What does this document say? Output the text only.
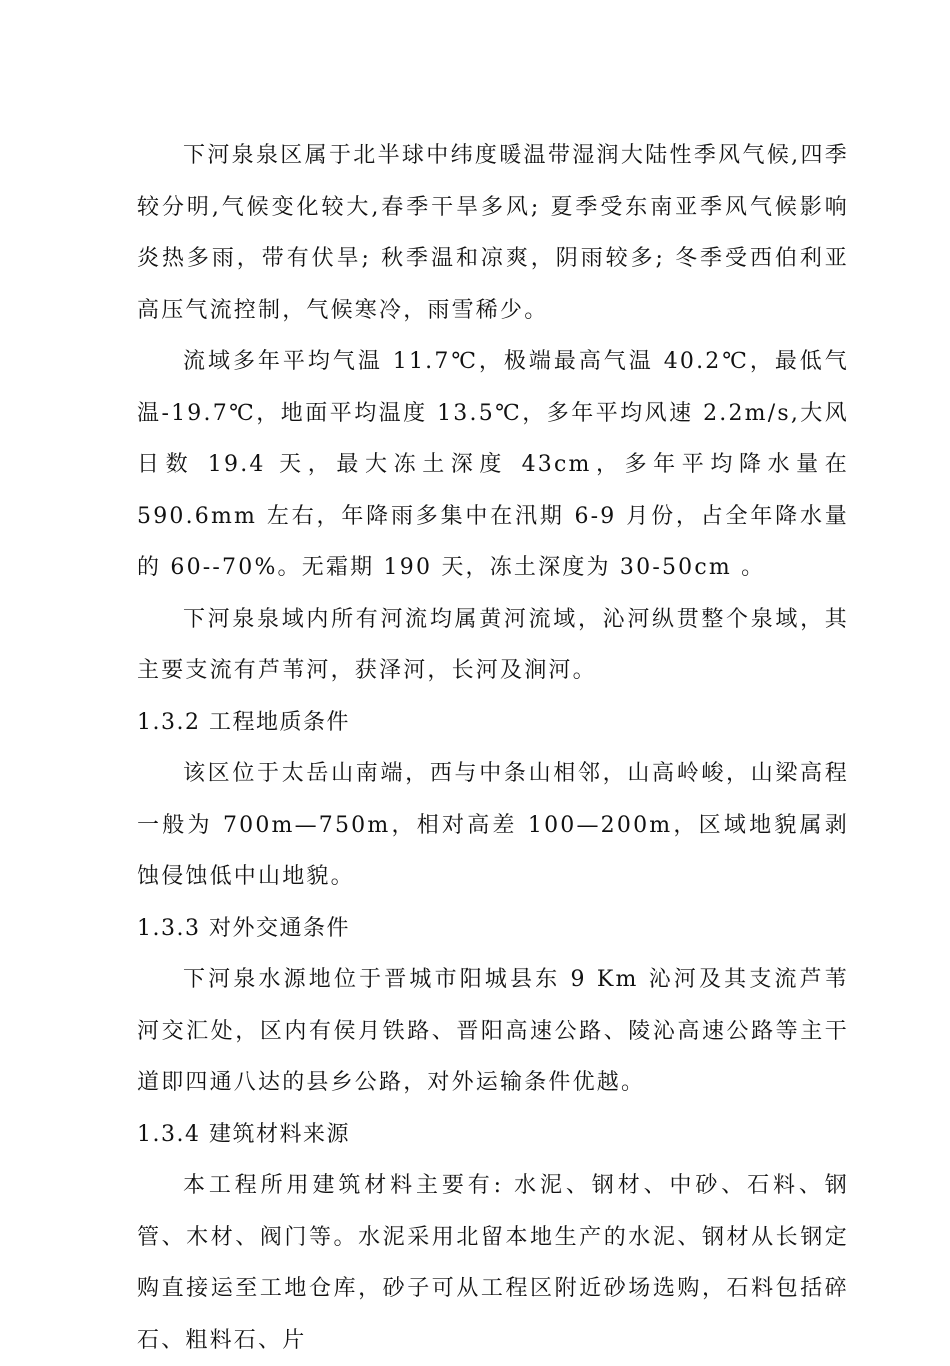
下河泉泉区属于北半球中纬度暖温带湿润大陆性季风气候,四季较分明,气候变化较大,春季干旱多风; 夏季受东南亚季风气候影响炎热多雨，带有伏旱; 秋季温和凉爽，阴雨较多; 冬季受西伯利亚高压气流控制，气候寒冷，雨雪稀少。

流域多年平均气温 11.7℃，极端最高气温 40.2℃，最低气温-19.7℃，地面平均温度 13.5℃，多年平均风速 2.2m/s,大风日数 19.4 天，最大冻土深度 43cm，多年平均降水量在 590.6mm 左右，年降雨多集中在汛期 6-9 月份，占全年降水量的 60--70%。无霜期 190 天，冻土深度为 30-50cm 。

下河泉泉域内所有河流均属黄河流域，沁河纵贯整个泉域，其主要支流有芦苇河，获泽河，长河及涧河。

1.3.2 工程地质条件

该区位于太岳山南端，西与中条山相邻，山高岭峻，山梁高程一般为 700m—750m，相对高差 100—200m，区域地貌属剥蚀侵蚀低中山地貌。

1.3.3 对外交通条件

下河泉水源地位于晋城市阳城县东 9 Km 沁河及其支流芦苇河交汇处，区内有侯月铁路、晋阳高速公路、陵沁高速公路等主干道即四通八达的县乡公路，对外运输条件优越。

1.3.4 建筑材料来源

本工程所用建筑材料主要有: 水泥、钢材、中砂、石料、钢管、木材、阀门等。水泥采用北留本地生产的水泥、钢材从长钢定购直接运至工地仓库，砂子可从工程区附近砂场选购，石料包括碎石、粗料石、片
